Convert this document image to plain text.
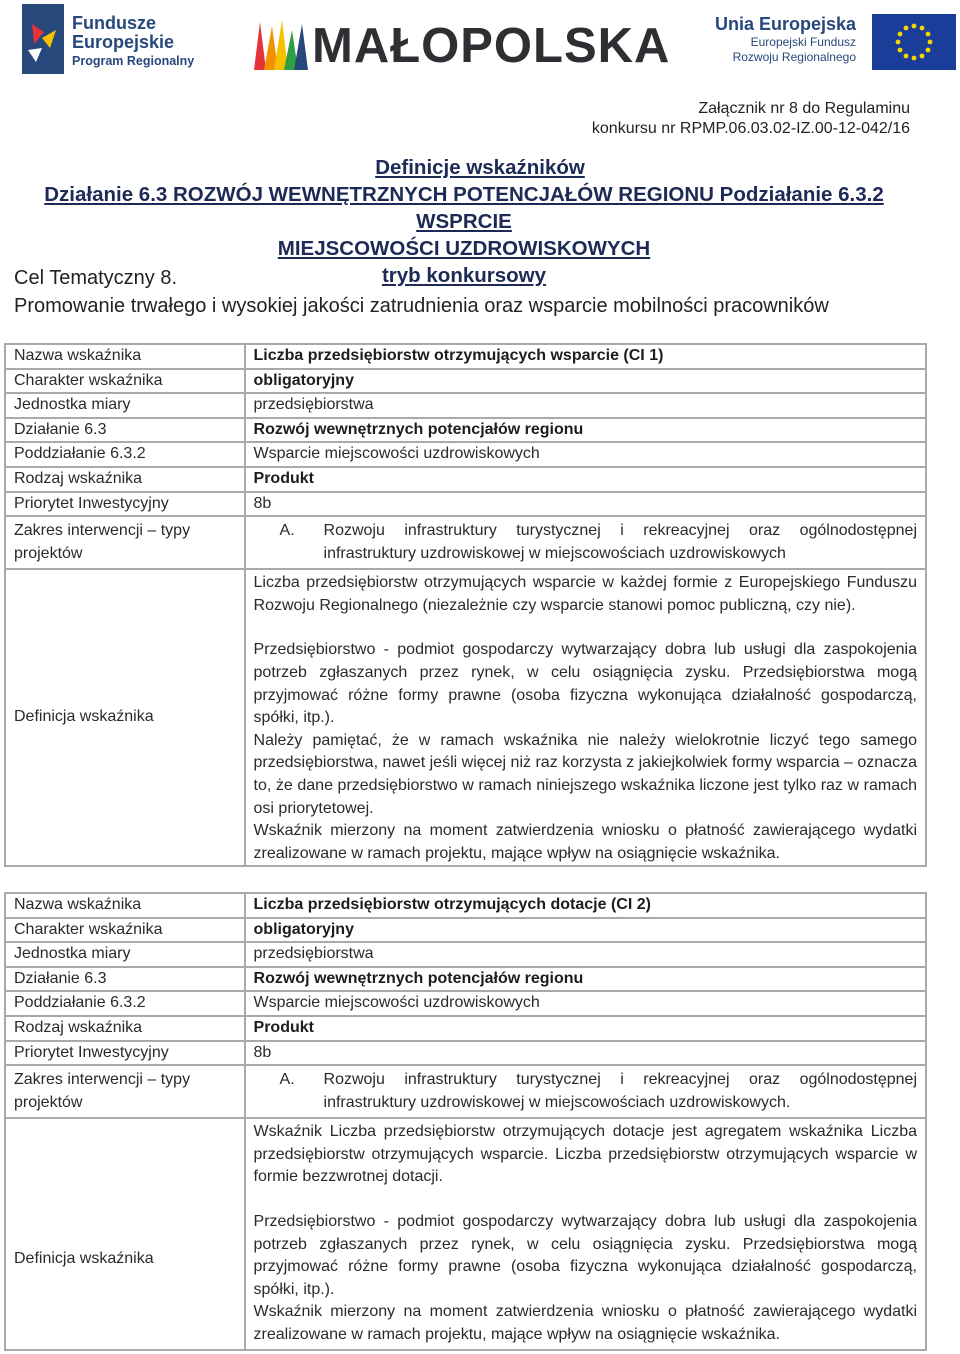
Fundusze
Europejskie
Program Regionalny MAŁOPOLSKA Unia Europejska
Europejski Fundusz
Rozwoju Regionalnego
Załącznik nr 8 do Regulaminu
konkursu nr RPMP.06.03.02-IZ.00-12-042/16
Definicje wskaźników
Działanie 6.3 ROZWÓJ WEWNĘTRZNYCH POTENCJAŁÓW REGIONU Podziałanie 6.3.2 WSPRCIE
MIEJSCOWOŚCI UZDROWISKOWYCH
tryb konkursowy
Cel Tematyczny 8.
Promowanie trwałego i wysokiej jakości zatrudnienia oraz wsparcie mobilności pracowników
Nazwa wskaźnika	Liczba przedsiębiorstw otrzymujących wsparcie (CI 1)
Charakter wskaźnika	obligatoryjny
Jednostka miary	przedsiębiorstwa
Działanie 6.3	Rozwój wewnętrznych potencjałów regionu
Poddziałanie 6.3.2	Wsparcie miejscowości uzdrowiskowych
Rodzaj wskaźnika	Produkt
Priorytet Inwestycyjny	8b
Zakres interwencji – typy projektów	A. Rozwoju infrastruktury turystycznej i rekreacyjnej oraz ogólnodostępnej infrastruktury uzdrowiskowej w miejscowościach uzdrowiskowych

Definicja wskaźnika	Liczba przedsiębiorstw otrzymujących wsparcie w każdej formie z Europejskiego Funduszu Rozwoju Regionalnego (niezależnie czy wsparcie stanowi pomoc publiczną, czy nie).

Przedsiębiorstwo - podmiot gospodarczy wytwarzający dobra lub usługi dla zaspokojenia potrzeb zgłaszanych przez rynek, w celu osiągnięcia zysku. Przedsiębiorstwa mogą przyjmować różne formy prawne (osoba fizyczna wykonująca działalność gospodarczą, spółki, itp.).

Należy pamiętać, że w ramach wskaźnika nie należy wielokrotnie liczyć tego samego przedsiębiorstwa, nawet jeśli więcej niż raz korzysta z jakiejkolwiek formy wsparcia – oznacza to, że dane przedsiębiorstwo w ramach niniejszego wskaźnika liczone jest tylko raz w ramach osi priorytetowej.

Wskaźnik mierzony na moment zatwierdzenia wniosku o płatność zawierającego wydatki zrealizowane w ramach projektu, mające wpływ na osiągnięcie wskaźnika.

Nazwa wskaźnika	Liczba przedsiębiorstw otrzymujących dotacje (CI 2)
Charakter wskaźnika	obligatoryjny
Jednostka miary	przedsiębiorstwa
Działanie 6.3	Rozwój wewnętrznych potencjałów regionu
Poddziałanie 6.3.2	Wsparcie miejscowości uzdrowiskowych
Rodzaj wskaźnika	Produkt
Priorytet Inwestycyjny	8b
Zakres interwencji – typy projektów	A. Rozwoju infrastruktury turystycznej i rekreacyjnej oraz ogólnodostępnej infrastruktury uzdrowiskowej w miejscowościach uzdrowiskowych.

Definicja wskaźnika	Wskaźnik Liczba przedsiębiorstw otrzymujących dotacje jest agregatem wskaźnika Liczba przedsiębiorstw otrzymujących wsparcie. Liczba przedsiębiorstw otrzymujących wsparcie w formie bezzwrotnej dotacji.

Przedsiębiorstwo - podmiot gospodarczy wytwarzający dobra lub usługi dla zaspokojenia potrzeb zgłaszanych przez rynek, w celu osiągnięcia zysku. Przedsiębiorstwa mogą przyjmować różne formy prawne (osoba fizyczna wykonująca działalność gospodarczą, spółki, itp.).

Wskaźnik mierzony na moment zatwierdzenia wniosku o płatność zawierającego wydatki zrealizowane w ramach projektu, mające wpływ na osiągnięcie wskaźnika.
